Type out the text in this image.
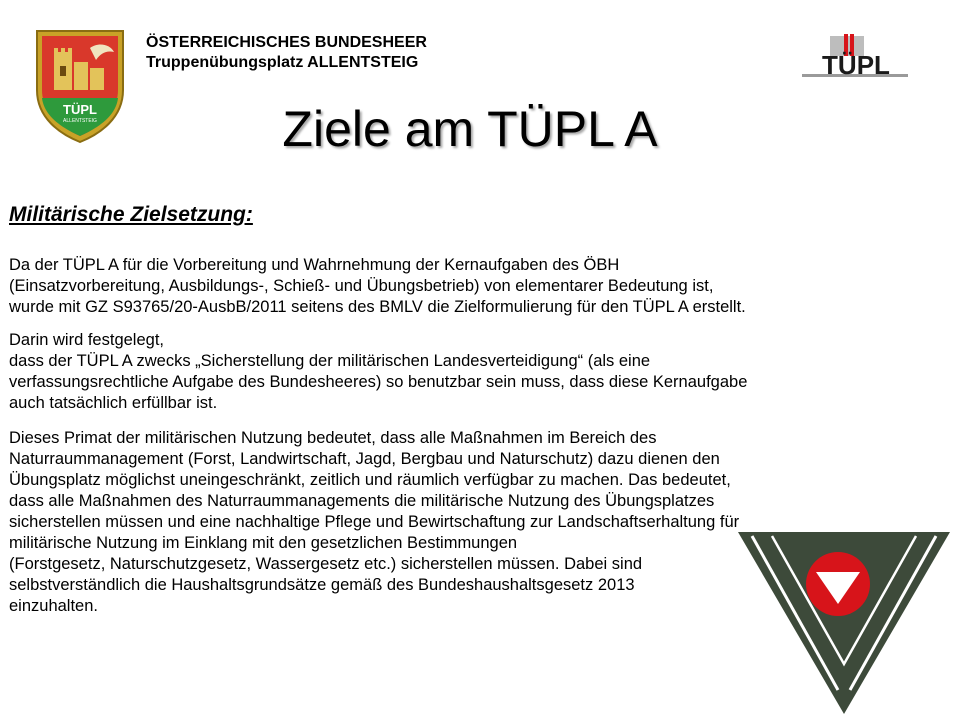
TÜPL
ALLENTSTEIG
ÖSTERREICHISCHES BUNDESHEER
Truppenübungsplatz ALLENTSTEIG	TÜPL
Ziele am TÜPL A
Militärische Zielsetzung:
Da der TÜPL A für die Vorbereitung und Wahrnehmung der Kernaufgaben des ÖBH
(Einsatzvorbereitung, Ausbildungs-, Schieß- und Übungsbetrieb) von elementarer Bedeutung ist,
wurde mit GZ S93765/20-AusbB/2011 seitens des BMLV die Zielformulierung für den TÜPL A erstellt.
Darin wird festgelegt,
dass der TÜPL A zwecks „Sicherstellung der militärischen Landesverteidigung“ (als eine
verfassungsrechtliche Aufgabe des Bundesheeres) so benutzbar sein muss, dass diese Kernaufgabe
auch tatsächlich erfüllbar ist.
Dieses Primat der militärischen Nutzung bedeutet, dass alle Maßnahmen im Bereich des
Naturraummanagement (Forst, Landwirtschaft, Jagd, Bergbau und Naturschutz) dazu dienen den
Übungsplatz möglichst uneingeschränkt, zeitlich und räumlich verfügbar zu machen. Das bedeutet,
dass alle Maßnahmen des Naturraummanagements die militärische Nutzung des Übungsplatzes
sicherstellen müssen und eine nachhaltige Pflege und Bewirtschaftung zur Landschaftserhaltung für
militärische Nutzung im Einklang mit den gesetzlichen Bestimmungen
(Forstgesetz, Naturschutzgesetz, Wassergesetz etc.) sicherstellen müssen. Dabei sind
selbstverständlich die Haushaltsgrundsätze gemäß des Bundeshaushaltsgesetz 2013
einzuhalten.
